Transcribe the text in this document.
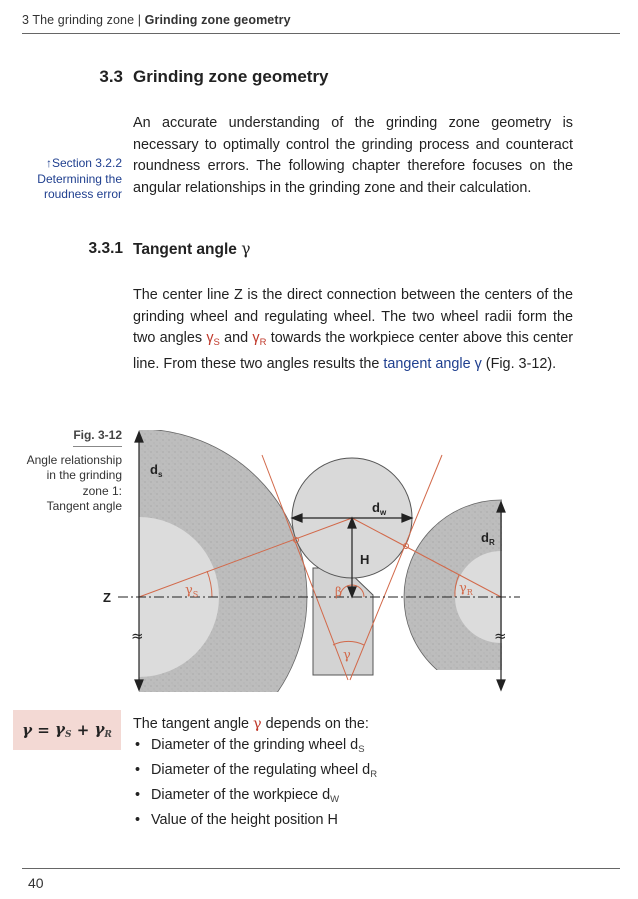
3 The grinding zone | Grinding zone geometry
3.3 Grinding zone geometry
An accurate understanding of the grinding zone geometry is necessary to optimally control the grinding process and counteract roundness errors. The following chapter therefore focuses on the angular relationships in the grinding zone and their calculation.
↑Section 3.2.2
Determining the
roudness error
3.3.1 Tangent angle γ
The center line Z is the direct connection between the centers of the grinding wheel and regulating wheel. The two wheel radii form the two angles $\gamma_S$ and $\gamma_R$ towards the workpiece center above this center line. From these two angles results the tangent angle γ (Fig. 3-12).
Fig. 3-12
Angle relationship
in the grinding
zone 1:
Tangent angle
$d_s$
$d_w$
$d_R$
H
Z	$\gamma_S$	$\gamma_R$
β
γ
≈	≈
γ
=
$\gamma_S$
+
$\gamma_R$
The tangent angle γ depends on the:
• Diameter of the grinding wheel $d_S$
• Diameter of the regulating wheel $d_R$
• Diameter of the workpiece $d_W$
• Value of the height position H
40
